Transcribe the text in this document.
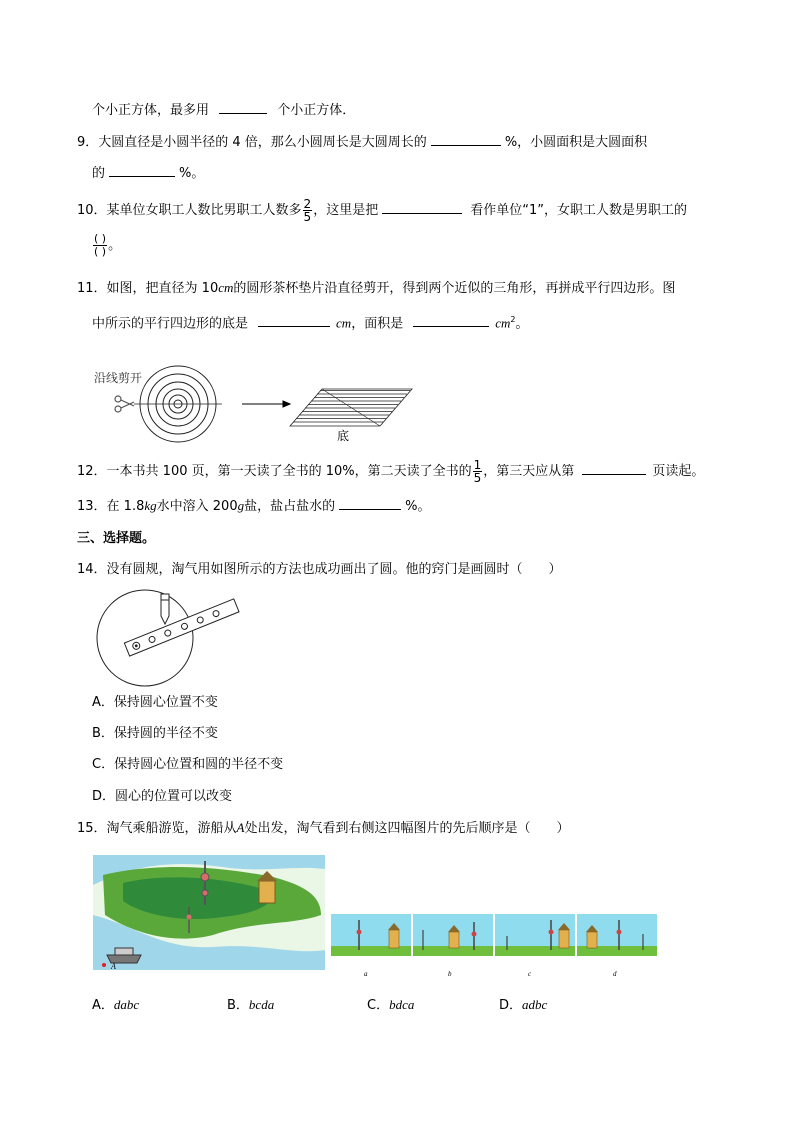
个小正方体，最多用	个小正方体．
9．大圆直径是小圆半径的 4 倍，那么小圆周长是大圆周长的	%，小圆面积是大圆面积
的	%。
10．某单位女职工人数比男职工人数多 $\frac{2}{5}$ ，这里是把	看作单位“1”，女职工人数是男职工的
$\frac{( )}{( )}$ 。
11．如图，把直径为 10cm的圆形茶杯垫片沿直径剪开，得到两个近似的三角形，再拼成平行四边形。图
中所示的平行四边形的底是	cm，面积是	$cm^2$。
沿线剪开
底
12．一本书共 100 页，第一天读了全书的 10%，第二天读了全书的 $\frac{1}{5}$ ，第三天应从第	页读起。
13．在 1.8kg水中溶入 200g盐，盐占盐水的	%。
三、选择题。
14．没有圆规，淘气用如图所示的方法也成功画出了圆。他的窍门是画圆时（　　）
A．保持圆心位置不变
B．保持圆的半径不变
C．保持圆心位置和圆的半径不变
D．圆心的位置可以改变
15．淘气乘船游览，游船从A处出发，淘气看到右侧这四幅图片的先后顺序是（　　）
A
a	b	c	d
A．dabc	B．bcda	C．bdca	D．adbc
